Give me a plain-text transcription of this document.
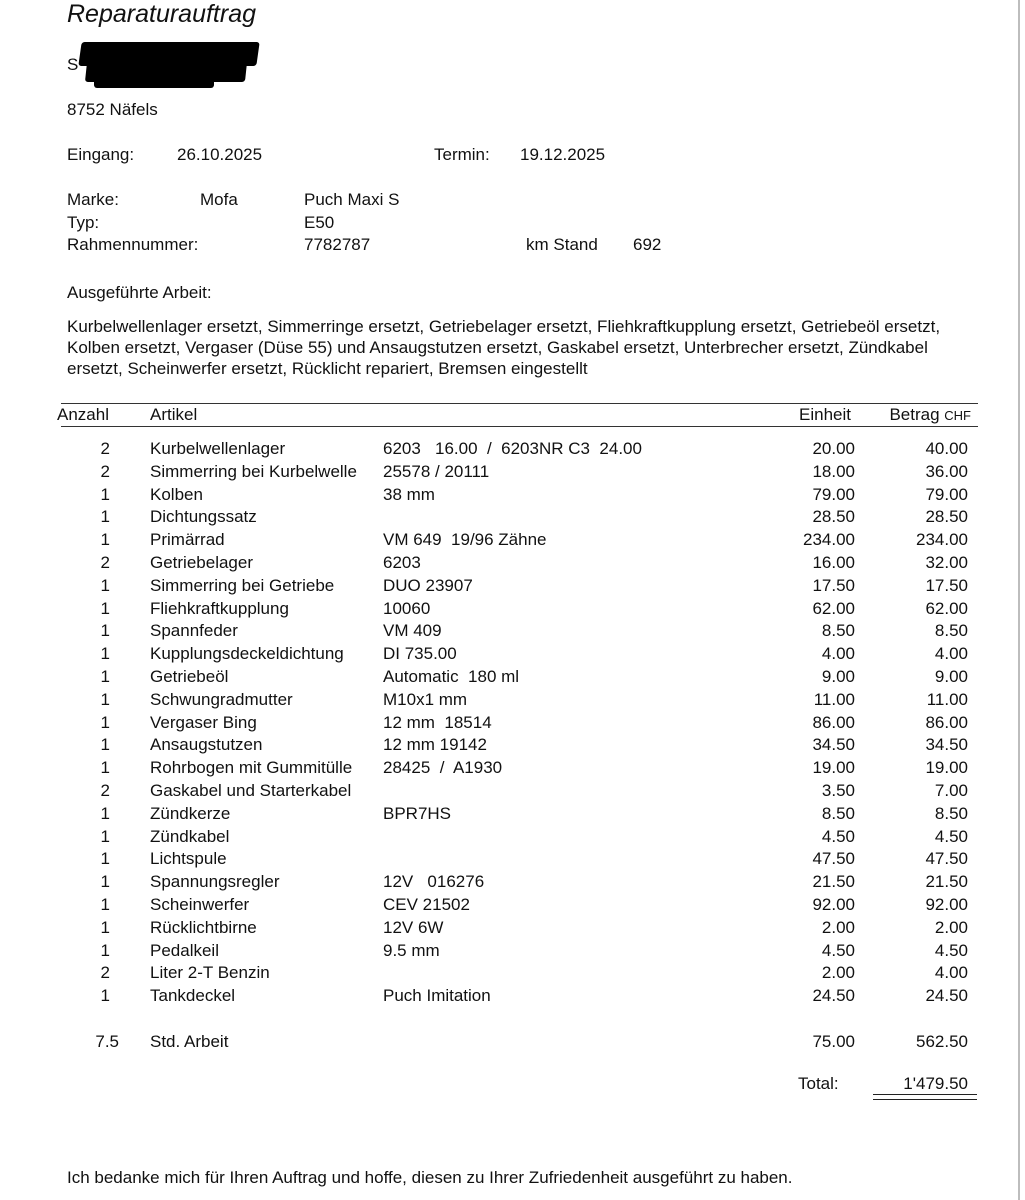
Reparaturauftrag
S
8752 Näfels
Eingang:	26.10.2025	Termin: 19.12.2025
Marke:	Mofa	Puch Maxi S
Typ:	E50
Rahmennummer:	7782787	km Stand 692
Ausgeführte Arbeit:
Kurbelwellenlager ersetzt, Simmerringe ersetzt, Getriebelager ersetzt, Fliehkraftkupplung ersetzt, Getriebeöl ersetzt, Kolben ersetzt, Vergaser (Düse 55) und Ansaugstutzen ersetzt, Gaskabel ersetzt, Unterbrecher ersetzt, Zündkabel ersetzt, Scheinwerfer ersetzt, Rücklicht repariert, Bremsen eingestellt
Anzahl Artikel	Einheit Betrag CHF
2 Kurbelwellenlager	6203   16.00  /  6203NR C3  24.00	20.00	40.00
2 Simmerring bei Kurbelwelle	25578 / 20111	18.00	36.00
1 Kolben	38 mm	79.00	79.00
1 Dichtungssatz	28.50	28.50
1 Primärrad	VM 649  19/96 Zähne	234.00	234.00
2 Getriebelager	6203	16.00	32.00
1 Simmerring bei Getriebe	DUO 23907	17.50	17.50
1 Fliehkraftkupplung	10060	62.00	62.00
1 Spannfeder	VM 409	8.50	8.50
1 Kupplungsdeckeldichtung	DI 735.00	4.00	4.00
1 Getriebeöl	Automatic  180 ml	9.00	9.00
1 Schwungradmutter	M10x1 mm	11.00	11.00
1 Vergaser Bing	12 mm  18514	86.00	86.00
1 Ansaugstutzen	12 mm 19142	34.50	34.50
1 Rohrbogen mit Gummitülle	28425  /  A1930	19.00	19.00
2 Gaskabel und Starterkabel	3.50	7.00
1 Zündkerze	BPR7HS	8.50	8.50
1 Zündkabel	4.50	4.50
1 Lichtspule	47.50	47.50
1 Spannungsregler	12V   016276	21.50	21.50
1 Scheinwerfer	CEV 21502	92.00	92.00
1 Rücklichtbirne	12V 6W	2.00	2.00
1 Pedalkeil	9.5 mm	4.50	4.50
2 Liter 2-T Benzin	2.00	4.00
1 Tankdeckel	Puch Imitation	24.50	24.50
7.5 Std. Arbeit	75.00	562.50
Total:	1'479.50
Ich bedanke mich für Ihren Auftrag und hoffe, diesen zu Ihrer Zufriedenheit ausgeführt zu haben.
